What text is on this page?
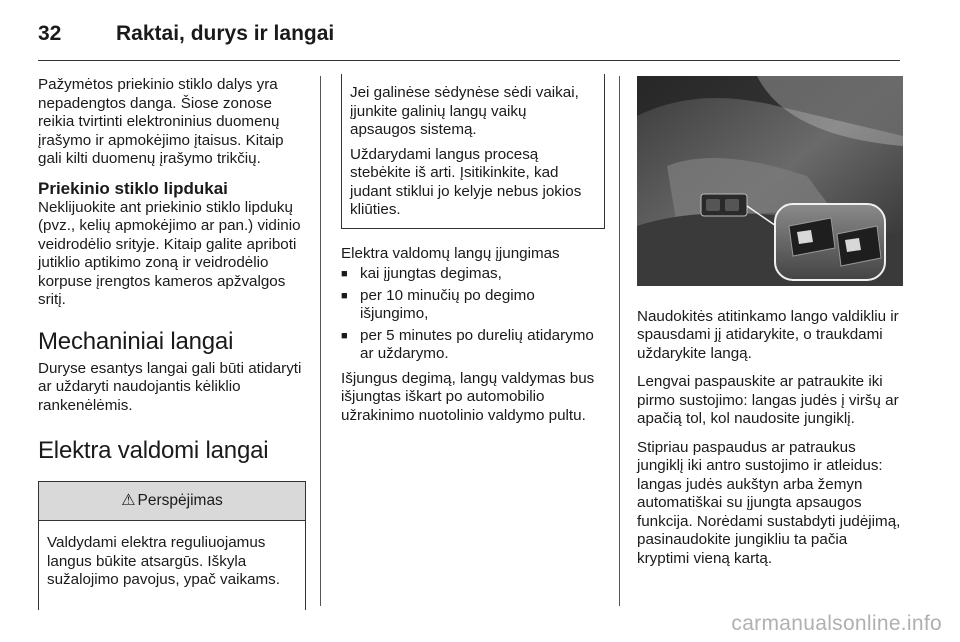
32	Raktai, durys ir langai

Pažymėtos priekinio stiklo dalys yra nepadengtos danga. Šiose zonose reikia tvirtinti elektroninius duomenų įrašymo ir apmokėjimo įtaisus. Kitaip gali kilti duomenų įrašymo trikčių.

Priekinio stiklo lipdukai

Neklijuokite ant priekinio stiklo lipdukų (pvz., kelių apmokėjimo ar pan.) vidinio veidrodėlio srityje. Kitaip galite apriboti jutiklio aptikimo zoną ir veidrodėlio korpuse įrengtos kameros apžvalgos sritį.

Mechaniniai langai

Duryse esantys langai gali būti atidaryti ar uždaryti naudojantis kėliklio rankenėlėmis.

Elektra valdomi langai
⚠ Perspėjimas
Valdydami elektra reguliuojamus langus būkite atsargūs. Iškyla sužalojimo pavojus, ypač vaikams.

Jei galinėse sėdynėse sėdi vaikai, įjunkite galinių langų vaikų apsaugos sistemą.

Uždarydami langus procesą stebėkite iš arti. Įsitikinkite, kad judant stiklui jo kelyje nebus jokios kliūties.

Elektra valdomų langų įjungimas

■ kai įjungtas degimas,
■ per 10 minučių po degimo išjungimo,
■ per 5 minutes po durelių atidarymo ar uždarymo.

Išjungus degimą, langų valdymas bus išjungtas iškart po automobilio užrakinimo nuotolinio valdymo pultu.

Naudokitės atitinkamo lango valdikliu ir spausdami jį atidarykite, o traukdami uždarykite langą.

Lengvai paspauskite ar patraukite iki pirmo sustojimo: langas judės į viršų ar apačią tol, kol naudosite jungiklį.

Stipriau paspaudus ar patraukus jungiklį iki antro sustojimo ir atleidus: langas judės aukštyn arba žemyn automatiškai su įjungta apsaugos funkcija. Norėdami sustabdyti judėjimą, pasinaudokite jungikliu ta pačia kryptimi vieną kartą.

carmanualsonline.info
